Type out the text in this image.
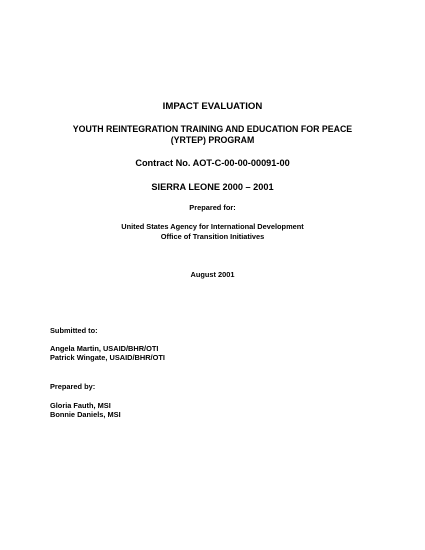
IMPACT EVALUATION
YOUTH REINTEGRATION TRAINING AND EDUCATION FOR PEACE
(YRTEP) PROGRAM
Contract No. AOT-C-00-00-00091-00
SIERRA LEONE 2000 – 2001
Prepared for:
United States Agency for International Development
Office of Transition Initiatives
August 2001
Submitted to:
Angela Martin, USAID/BHR/OTI
Patrick Wingate, USAID/BHR/OTI
Prepared by:
Gloria Fauth, MSI
Bonnie Daniels, MSI
